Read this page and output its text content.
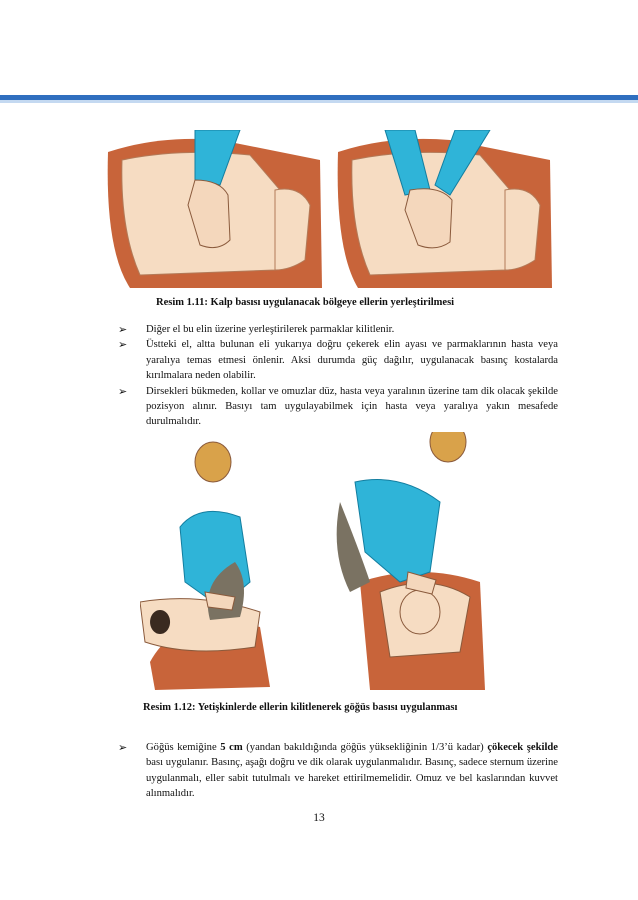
Resim 1.11: Kalp basısı uygulanacak bölgeye ellerin yerleştirilmesi
➢ Diğer el bu elin üzerine yerleştirilerek parmaklar kilitlenir.
➢ Üstteki el, altta bulunan eli yukarıya doğru çekerek elin ayası ve parmaklarının hasta veya yaralıya temas etmesi önlenir. Aksi durumda güç dağılır, uygulanacak basınç kostalarda kırılmalara neden olabilir.
➢ Dirsekleri bükmeden, kollar ve omuzlar düz, hasta veya yaralının üzerine tam dik olacak şekilde pozisyon alınır. Basıyı tam uygulayabilmek için hasta veya yaralıya yakın mesafede durulmalıdır.
Resim 1.12: Yetişkinlerde ellerin kilitlenerek göğüs basısı uygulanması
➢ Göğüs kemiğine 5 cm (yandan bakıldığında göğüs yüksekliğinin 1/3’ü kadar) çökecek şekilde bası uygulanır. Basınç, aşağı doğru ve dik olarak uygulanmalıdır. Basınç, sadece sternum üzerine uygulanmalı, eller sabit tutulmalı ve hareket ettirilmemelidir. Omuz ve bel kaslarından kuvvet alınmalıdır.
13
